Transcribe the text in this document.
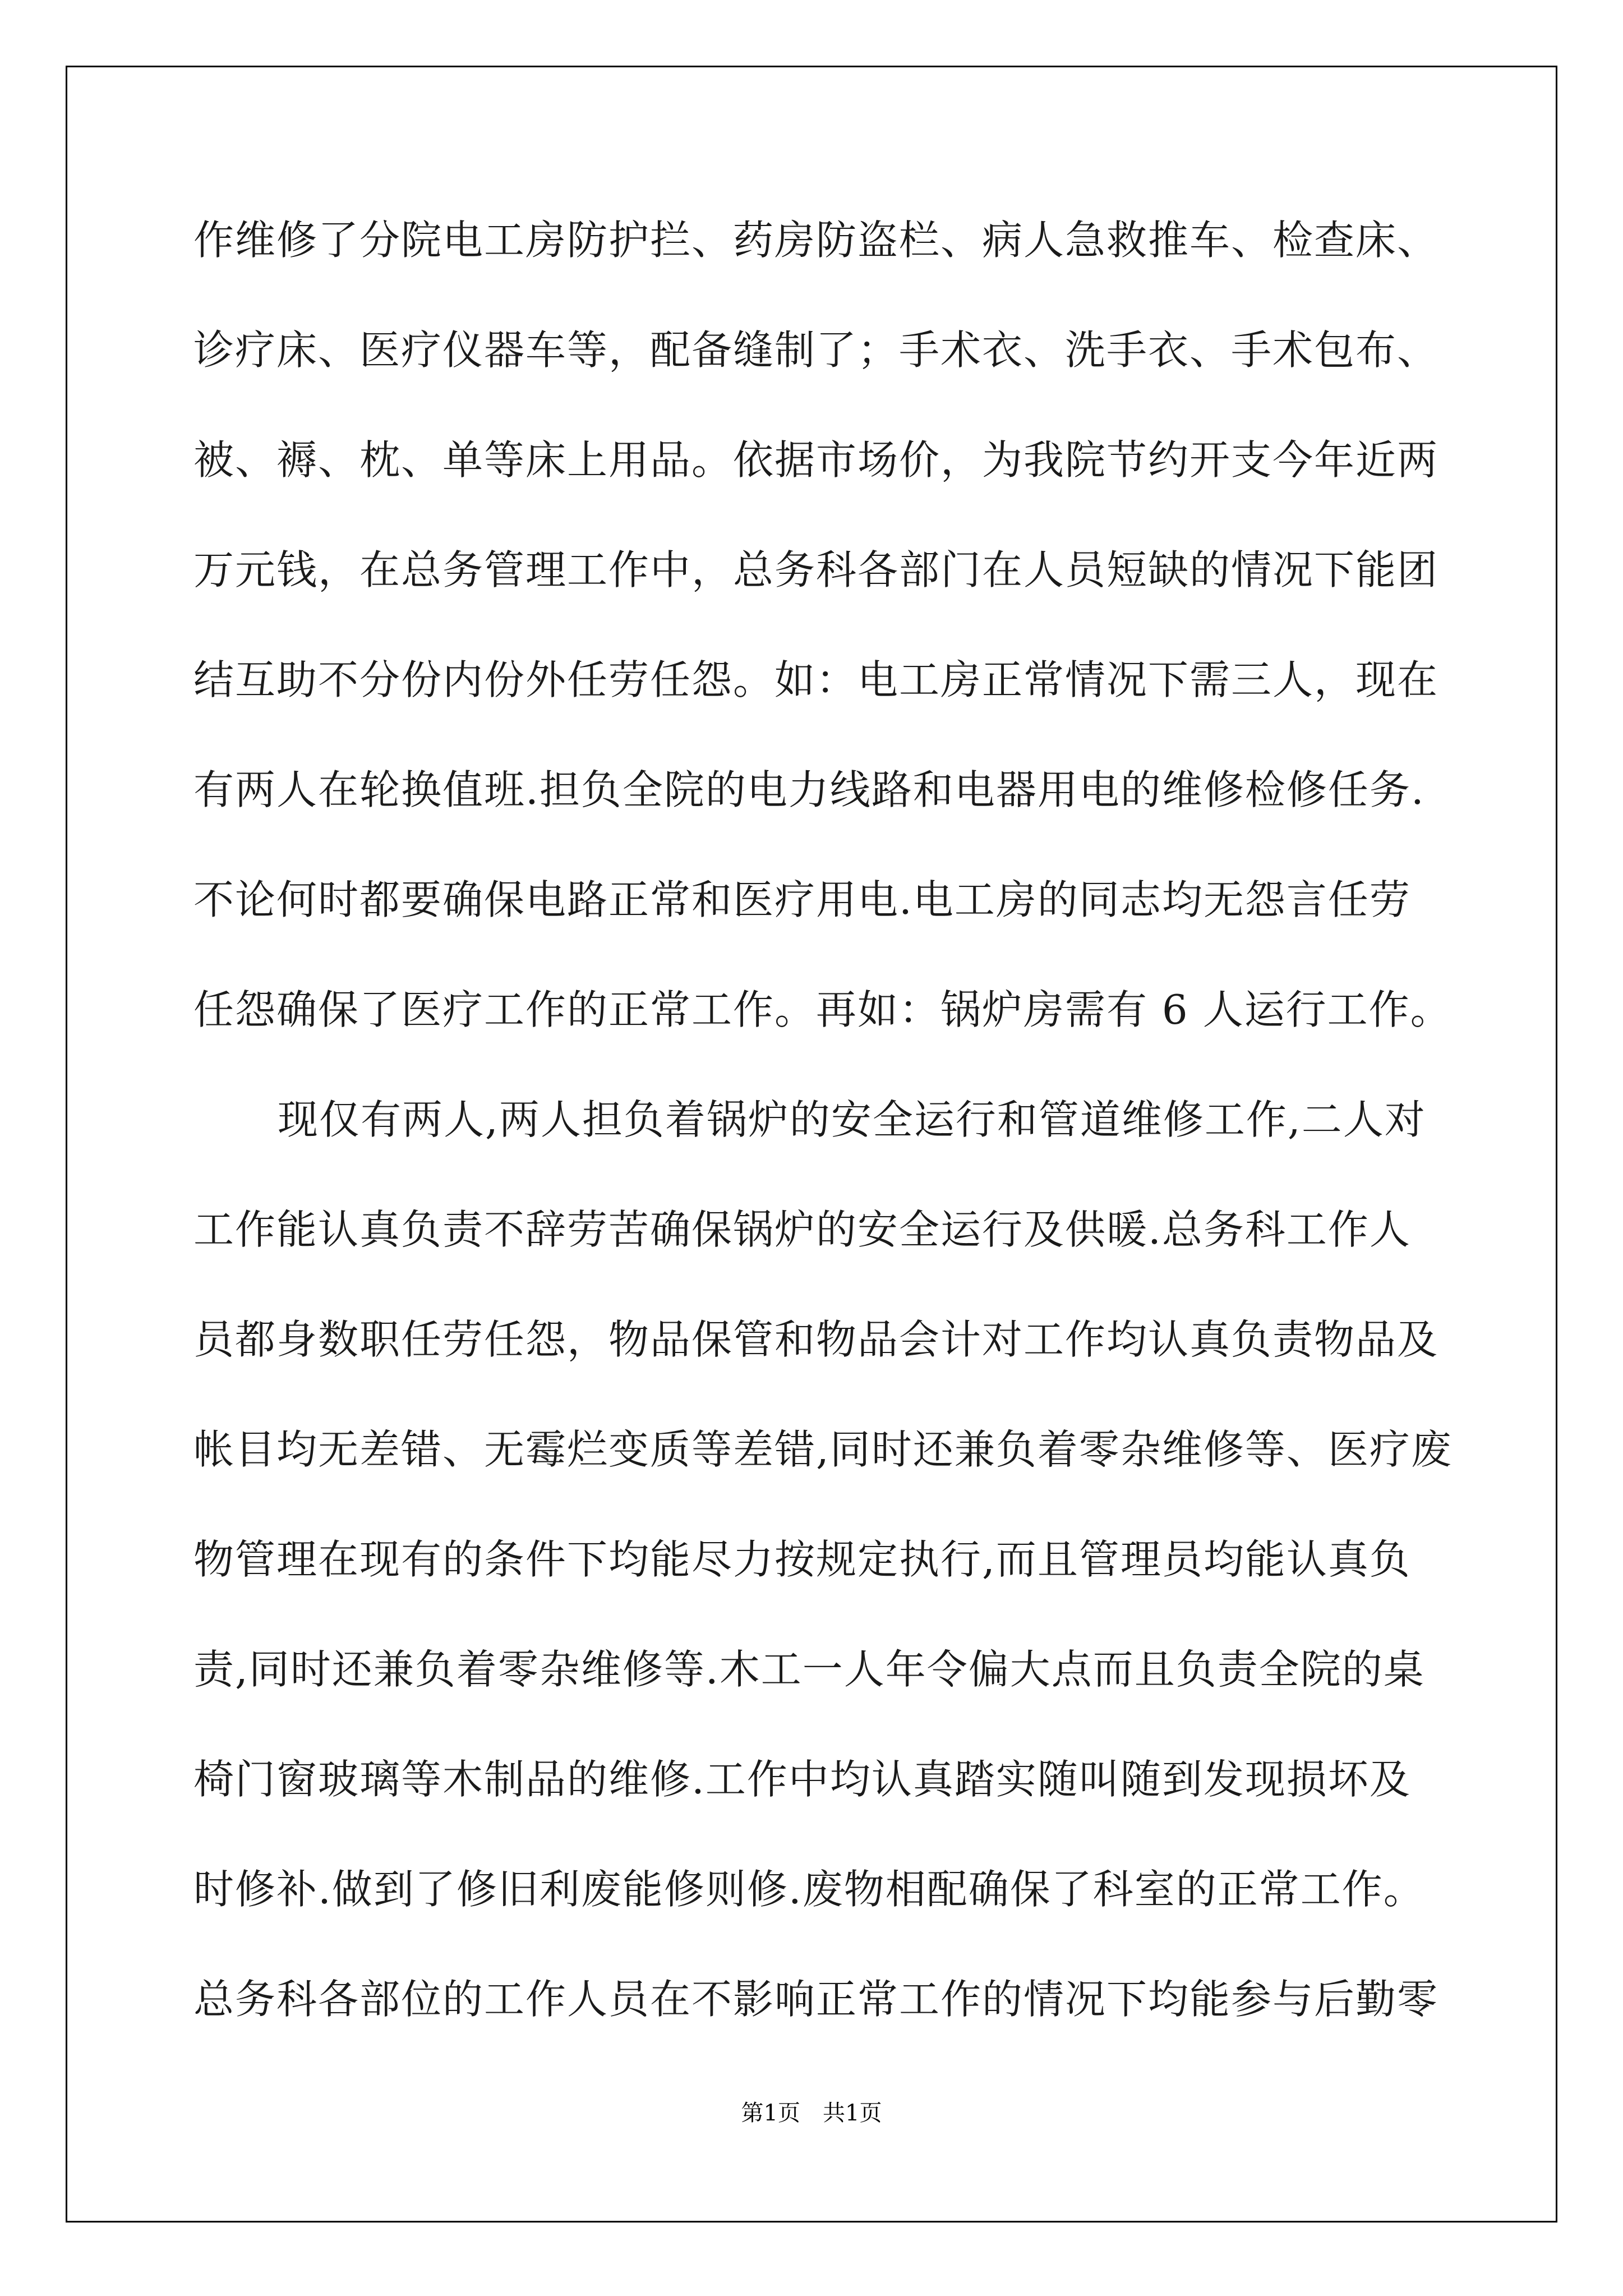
作维修了分院电工房防护拦、药房防盗栏、病人急救推车、检查床、
诊疗床、医疗仪器车等，配备缝制了；手术衣、洗手衣、手术包布、
被、褥、枕、单等床上用品。依据市场价，为我院节约开支今年近两
万元钱，在总务管理工作中，总务科各部门在人员短缺的情况下能团
结互助不分份内份外任劳任怨。如：电工房正常情况下需三人，现在
有两人在轮换值班.担负全院的电力线路和电器用电的维修检修任务.
不论何时都要确保电路正常和医疗用电.电工房的同志均无怨言任劳
任怨确保了医疗工作的正常工作。再如：锅炉房需有 6 人运行工作。
现仅有两人,两人担负着锅炉的安全运行和管道维修工作,二人对
工作能认真负责不辞劳苦确保锅炉的安全运行及供暖.总务科工作人
员都身数职任劳任怨，物品保管和物品会计对工作均认真负责物品及
帐目均无差错、无霉烂变质等差错,同时还兼负着零杂维修等、医疗废
物管理在现有的条件下均能尽力按规定执行,而且管理员均能认真负
责,同时还兼负着零杂维修等.木工一人年令偏大点而且负责全院的桌
椅门窗玻璃等木制品的维修.工作中均认真踏实随叫随到发现损坏及
时修补.做到了修旧利废能修则修.废物相配确保了科室的正常工作。
总务科各部位的工作人员在不影响正常工作的情况下均能参与后勤零
第1页 共1页
